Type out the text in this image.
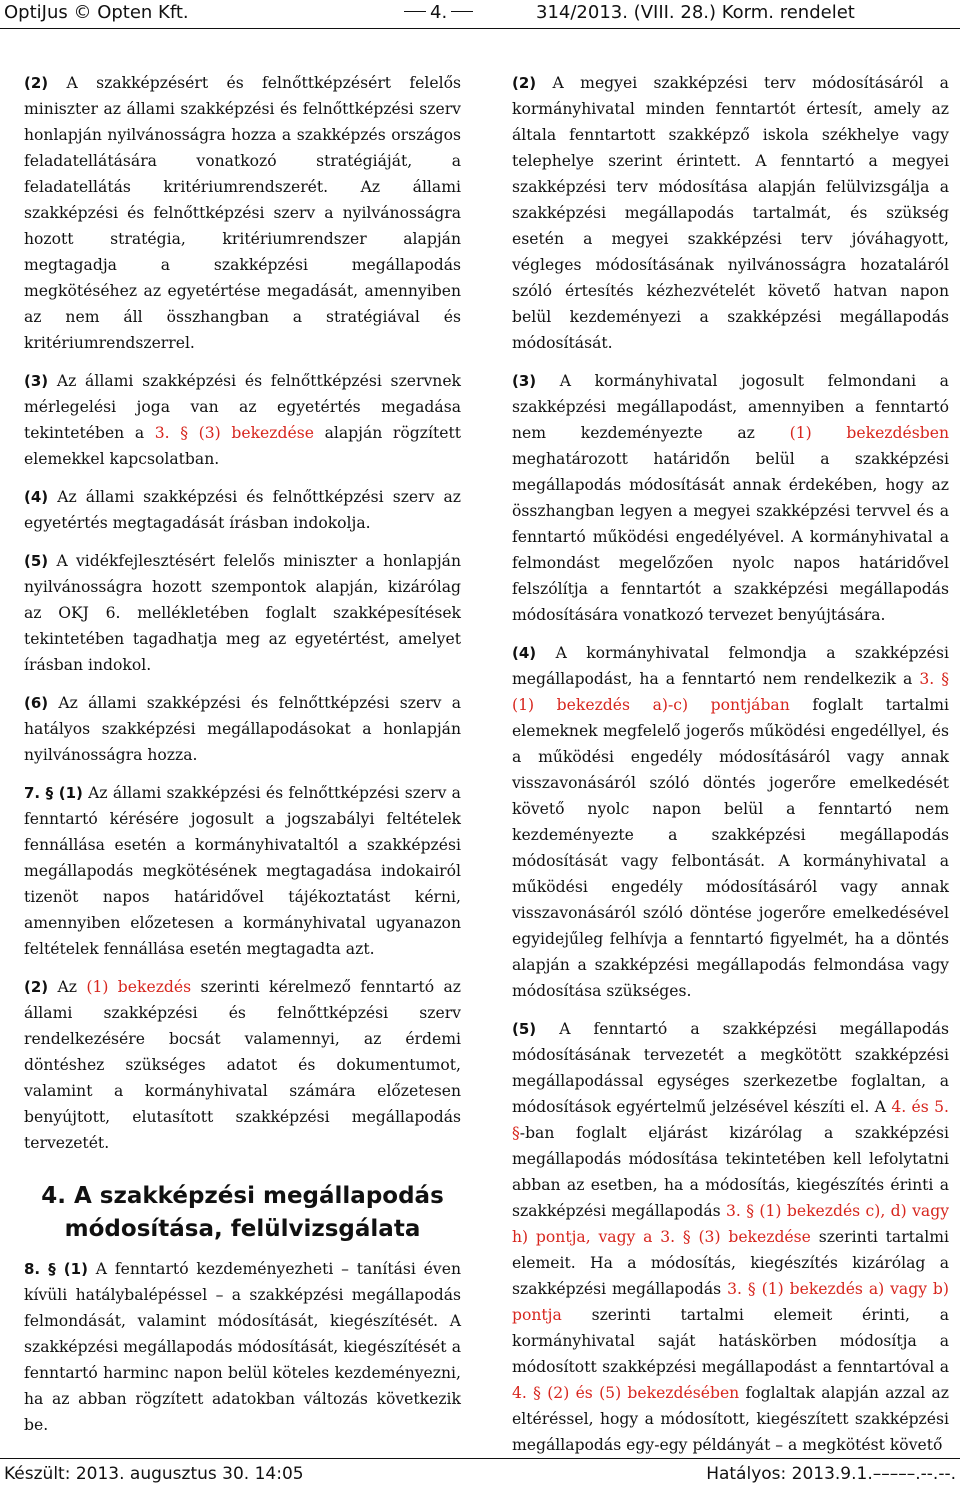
OptiJus © Opten Kft.	4.	314/2013. (VIII. 28.) Korm. rendelet

(2) A szakképzésért és felnőttképzésért felelős miniszter az állami szakképzési és felnőttképzési szerv honlapján nyilvánosságra hozza a szakképzés országos feladatellátására vonatkozó stratégiáját, a feladatellátás kritériumrendszerét. Az állami szakképzési és felnőttképzési szerv a nyilvánosságra hozott stratégia, kritériumrendszer alapján megtagadja a szakképzési megállapodás megkötéséhez az egyetértése megadását, amennyiben az nem áll összhangban a stratégiával és kritériumrendszerrel.

(3) Az állami szakképzési és felnőttképzési szervnek mérlegelési joga van az egyetértés megadása tekintetében a 3. § (3) bekezdése alapján rögzített elemekkel kapcsolatban.

(4) Az állami szakképzési és felnőttképzési szerv az egyetértés megtagadását írásban indokolja.

(5) A vidékfejlesztésért felelős miniszter a honlapján nyilvánosságra hozott szempontok alapján, kizárólag az OKJ 6. mellékletében foglalt szakképesítések tekintetében tagadhatja meg az egyetértést, amelyet írásban indokol.

(6) Az állami szakképzési és felnőttképzési szerv a hatályos szakképzési megállapodásokat a honlapján nyilvánosságra hozza.

7. § (1) Az állami szakképzési és felnőttképzési szerv a fenntartó kérésére jogosult a jogszabályi feltételek fennállása esetén a kormányhivataltól a szakképzési megállapodás megkötésének megtagadása indokairól tizenöt napos határidővel tájékoztatást kérni, amennyiben előzetesen a kormányhivatal ugyanazon feltételek fennállása esetén megtagadta azt.

(2) Az (1) bekezdés szerinti kérelmező fenntartó az állami szakképzési és felnőttképzési szerv rendelkezésére bocsát valamennyi, az érdemi döntéshez szükséges adatot és dokumentumot, valamint a kormányhivatal számára előzetesen benyújtott, elutasított szakképzési megállapodás tervezetét.

4. A szakképzési megállapodás módosítása, felülvizsgálata

8. § (1) A fenntartó kezdeményezheti – tanítási éven kívüli hatálybalépéssel – a szakképzési megállapodás felmondását, valamint módosítását, kiegészítését. A szakképzési megállapodás módosítását, kiegészítését a fenntartó harminc napon belül köteles kezdeményezni, ha az abban rögzített adatokban változás következik be.

(2) A megyei szakképzési terv módosításáról a kormányhivatal minden fenntartót értesít, amely az általa fenntartott szakképző iskola székhelye vagy telephelye szerint érintett. A fenntartó a megyei szakképzési terv módosítása alapján felülvizsgálja a szakképzési megállapodás tartalmát, és szükség esetén a megyei szakképzési terv jóváhagyott, végleges módosításának nyilvánosságra hozataláról szóló értesítés kézhezvételét követő hatvan napon belül kezdeményezi a szakképzési megállapodás módosítását.

(3) A kormányhivatal jogosult felmondani a szakképzési megállapodást, amennyiben a fenntartó nem kezdeményezte az (1) bekezdésben meghatározott határidőn belül a szakképzési megállapodás módosítását annak érdekében, hogy az összhangban legyen a megyei szakképzési tervvel és a fenntartó működési engedélyével. A kormányhivatal a felmondást megelőzően nyolc napos határidővel felszólítja a fenntartót a szakképzési megállapodás módosítására vonatkozó tervezet benyújtására.

(4) A kormányhivatal felmondja a szakképzési megállapodást, ha a fenntartó nem rendelkezik a 3. § (1) bekezdés a)-c) pontjában foglalt tartalmi elemeknek megfelelő jogerős működési engedéllyel, és a működési engedély módosításáról vagy annak visszavonásáról szóló döntés jogerőre emelkedését követő nyolc napon belül a fenntartó nem kezdeményezte a szakképzési megállapodás módosítását vagy felbontását. A kormányhivatal a működési engedély módosításáról vagy annak visszavonásáról szóló döntése jogerőre emelkedésével egyidejűleg felhívja a fenntartó figyelmét, ha a döntés alapján a szakképzési megállapodás felmondása vagy módosítása szükséges.

(5) A fenntartó a szakképzési megállapodás módosításának tervezetét a megkötött szakképzési megállapodással egységes szerkezetbe foglaltan, a módosítások egyértelmű jelzésével készíti el. A 4. és 5. §-ban foglalt eljárást kizárólag a szakképzési megállapodás módosítása tekintetében kell lefolytatni abban az esetben, ha a módosítás, kiegészítés érinti a szakképzési megállapodás 3. § (1) bekezdés c), d) vagy h) pontja, vagy a 3. § (3) bekezdése szerinti tartalmi elemeit. Ha a módosítás, kiegészítés kizárólag a szakképzési megállapodás 3. § (1) bekezdés a) vagy b) pontja szerinti tartalmi elemeit érinti, a kormányhivatal saját hatáskörben módosítja a módosított szakképzési megállapodást a fenntartóval a 4. § (2) és (5) bekezdésében foglaltak alapján azzal az eltéréssel, hogy a módosított, kiegészített szakképzési megállapodás egy-egy példányát – a megkötést követő

Készült: 2013. augusztus 30. 14:05	Hatályos: 2013.9.1.–––––.--.--.
